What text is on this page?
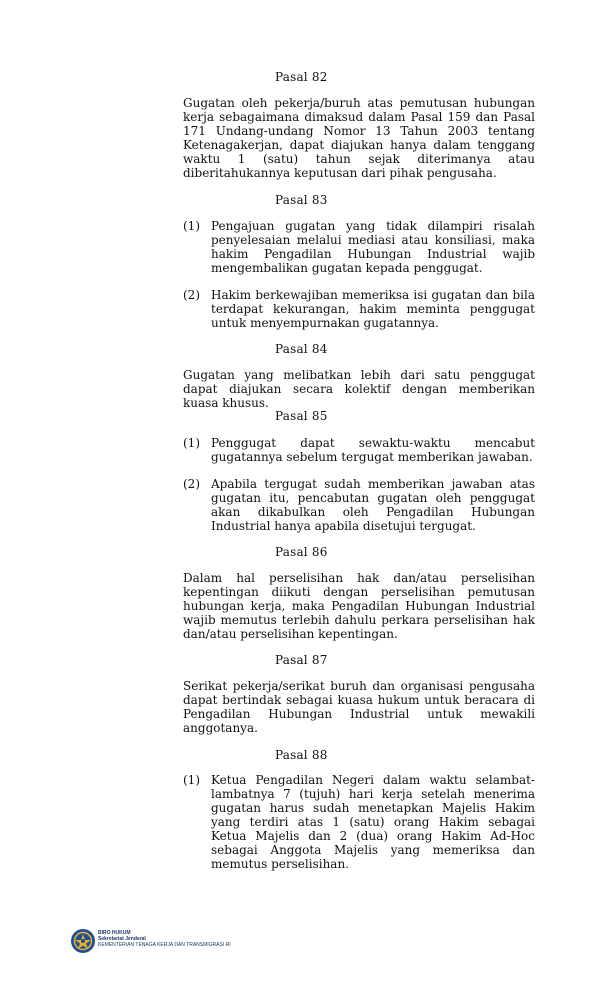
Pasal 82

Gugatan oleh pekerja/buruh atas pemutusan hubungan kerja sebagaimana dimaksud dalam Pasal 159 dan Pasal 171 Undang-undang Nomor 13 Tahun 2003 tentang Ketenagakerjan, dapat diajukan hanya dalam tenggang waktu 1 (satu) tahun sejak diterimanya atau diberitahukannya keputusan dari pihak pengusaha.

Pasal 83
(1) Pengajuan gugatan yang tidak dilampiri risalah penyelesaian melalui mediasi atau konsiliasi, maka hakim Pengadilan Hubungan Industrial wajib mengembalikan gugatan kepada penggugat.
(2) Hakim berkewajiban memeriksa isi gugatan dan bila terdapat kekurangan, hakim meminta penggugat untuk menyempurnakan gugatannya.
Pasal 84

Gugatan yang melibatkan lebih dari satu penggugat dapat diajukan secara kolektif dengan memberikan kuasa khusus.

Pasal 85
(1) Penggugat dapat sewaktu-waktu mencabut gugatannya sebelum tergugat memberikan jawaban.
(2) Apabila tergugat sudah memberikan jawaban atas gugatan itu, pencabutan gugatan oleh penggugat akan dikabulkan oleh Pengadilan Hubungan Industrial hanya apabila disetujui tergugat.
Pasal 86

Dalam hal perselisihan hak dan/atau perselisihan kepentingan diikuti dengan perselisihan pemutusan hubungan kerja, maka Pengadilan Hubungan Industrial wajib memutus terlebih dahulu perkara perselisihan hak dan/atau perselisihan kepentingan.

Pasal 87

Serikat pekerja/serikat buruh dan organisasi pengusaha dapat bertindak sebagai kuasa hukum untuk beracara di Pengadilan Hubungan Industrial untuk mewakili anggotanya.

Pasal 88
(1) Ketua Pengadilan Negeri dalam waktu selambat-lambatnya 7 (tujuh) hari kerja setelah menerima gugatan harus sudah menetapkan Majelis Hakim yang terdiri atas 1 (satu) orang Hakim sebagai Ketua Majelis dan 2 (dua) orang Hakim Ad-Hoc sebagai Anggota Majelis yang memeriksa dan memutus perselisihan.
BIRO HUKUM
Sekretariat Jenderal
KEMENTERIAN TENAGA KERJA DAN TRANSMIGRASI RI
